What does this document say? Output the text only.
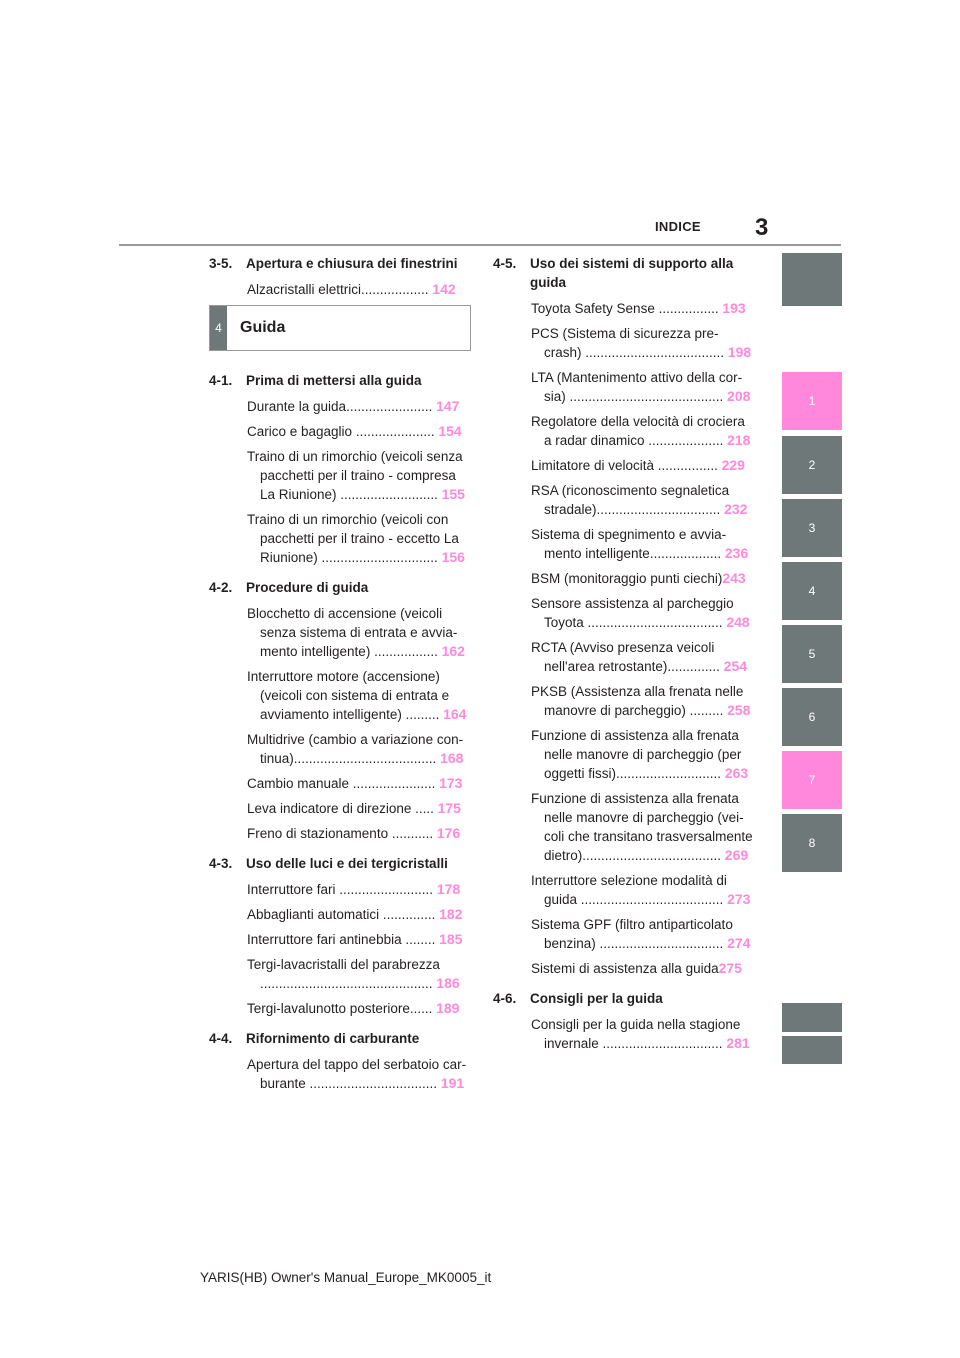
INDICE 3
1
2
3
4
5
6
7
8
3-5.	Apertura e chiusura dei finestrini
Alzacristalli elettrici.................. 142
4	Guida
4-1.	Prima di mettersi alla guida
Durante la guida....................... 147
Carico e bagaglio ..................... 154
Traino di un rimorchio (veicoli senza pacchetti per il traino - compresa La Riunione) .......................... 155
Traino di un rimorchio (veicoli con pacchetti per il traino - eccetto La Riunione) ............................... 156
4-2.	Procedure di guida
Blocchetto di accensione (veicoli senza sistema di entrata e avvia-mento intelligente) ................. 162
Interruttore motore (accensione) (veicoli con sistema di entrata e avviamento intelligente) ......... 164
Multidrive (cambio a variazione con-tinua)...................................... 168
Cambio manuale ...................... 173
Leva indicatore di direzione ..... 175
Freno di stazionamento ........... 176
4-3.	Uso delle luci e dei tergicristalli
Interruttore fari ......................... 178
Abbaglianti automatici .............. 182
Interruttore fari antinebbia ........ 185
Tergi-lavacristalli del parabrezza .............................................. 186
Tergi-lavalunotto posteriore...... 189
4-4.	Rifornimento di carburante
Apertura del tappo del serbatoio car-burante .................................. 191
4-5.	Uso dei sistemi di supporto alla guida
Toyota Safety Sense ................ 193
PCS (Sistema di sicurezza pre-crash) ..................................... 198
LTA (Mantenimento attivo della cor-sia) ......................................... 208
Regolatore della velocità di crociera a radar dinamico .................... 218
Limitatore di velocità ................ 229
RSA (riconoscimento segnaletica stradale)................................. 232
Sistema di spegnimento e avvia-mento intelligente................... 236
BSM (monitoraggio punti ciechi)243
Sensore assistenza al parcheggio Toyota .................................... 248
RCTA (Avviso presenza veicoli nell'area retrostante).............. 254
PKSB (Assistenza alla frenata nelle manovre di parcheggio) ......... 258
Funzione di assistenza alla frenata nelle manovre di parcheggio (per oggetti fissi)............................ 263
Funzione di assistenza alla frenata nelle manovre di parcheggio (vei-coli che transitano trasversalmente dietro)..................................... 269
Interruttore selezione modalità di guida ...................................... 273
Sistema GPF (filtro antiparticolato benzina) ................................. 274
Sistemi di assistenza alla guida275
4-6.	Consigli per la guida
Consigli per la guida nella stagione invernale ................................ 281
YARIS(HB) Owner's Manual_Europe_MK0005_it
